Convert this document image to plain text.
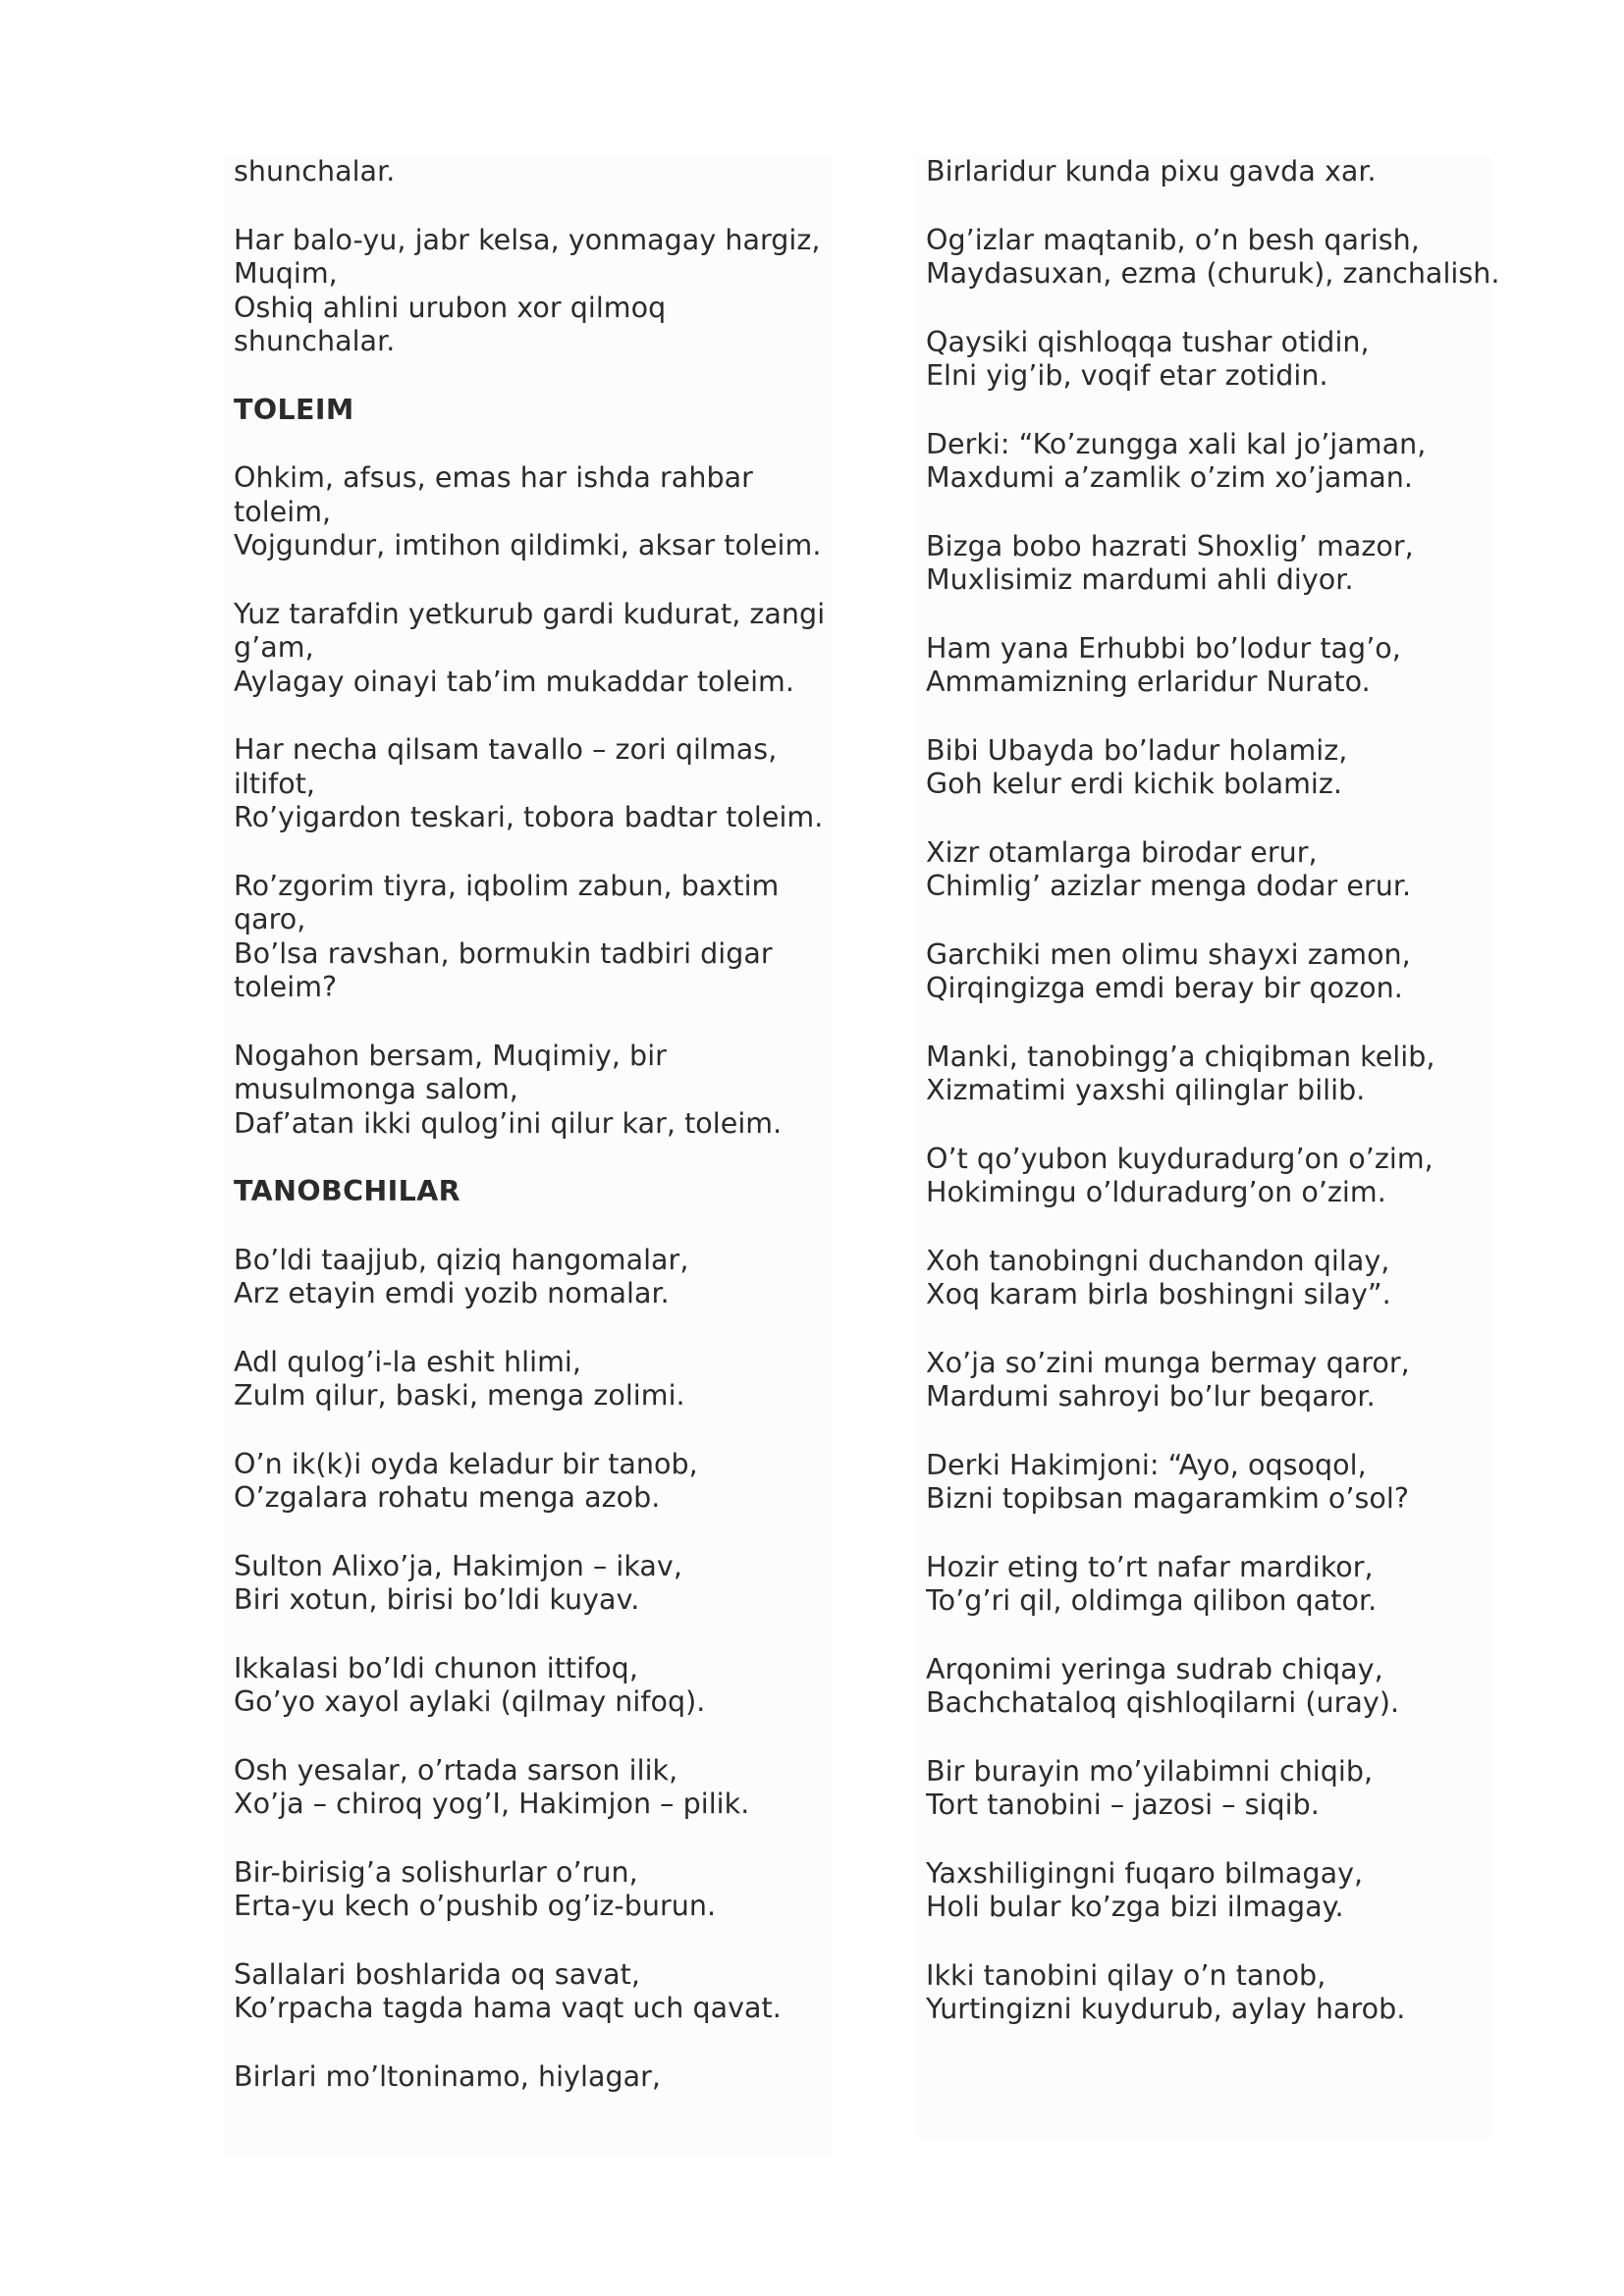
shunchalar.
Har balo-yu, jabr kelsa, yonmagay hargiz,
Muqim,
Oshiq ahlini urubon xor qilmoq
shunchalar.
TOLEIM
Ohkim, afsus, emas har ishda rahbar
toleim,
Vojgundur, imtihon qildimki, aksar toleim.
Yuz tarafdin yetkurub gardi kudurat, zangi
g’am,
Aylagay oinayi tab’im mukaddar toleim.
Har necha qilsam tavallo – zori qilmas,
iltifot,
Ro’yigardon teskari, tobora badtar toleim.
Ro’zgorim tiyra, iqbolim zabun, baxtim
qaro,
Bo’lsa ravshan, bormukin tadbiri digar
toleim?
Nogahon bersam, Muqimiy, bir
musulmonga salom,
Daf’atan ikki qulog’ini qilur kar, toleim.
TANOBCHILAR
Bo’ldi taajjub, qiziq hangomalar,
Arz etayin emdi yozib nomalar.
Adl qulog’i-la eshit hlimi,
Zulm qilur, baski, menga zolimi.
O’n ik(k)i oyda keladur bir tanob,
O’zgalara rohatu menga azob.
Sulton Alixo’ja, Hakimjon – ikav,
Biri xotun, birisi bo’ldi kuyav.
Ikkalasi bo’ldi chunon ittifoq,
Go’yo xayol aylaki (qilmay nifoq).
Osh yesalar, o’rtada sarson ilik,
Xo’ja – chiroq yog’I, Hakimjon – pilik.
Bir-birisig’a solishurlar o’run,
Erta-yu kech o’pushib og’iz-burun.
Sallalari boshlarida oq savat,
Ko’rpacha tagda hama vaqt uch qavat.
Birlari mo’ltoninamo, hiylagar,
Birlaridur kunda pixu gavda xar.
Og’izlar maqtanib, o’n besh qarish,
Maydasuxan, ezma (churuk), zanchalish.
Qaysiki qishloqqa tushar otidin,
Elni yig’ib, voqif etar zotidin.
Derki: “Ko’zungga xali kal jo’jaman,
Maxdumi a’zamlik o’zim xo’jaman.
Bizga bobo hazrati Shoxlig’ mazor,
Muxlisimiz mardumi ahli diyor.
Ham yana Erhubbi bo’lodur tag’o,
Ammamizning erlaridur Nurato.
Bibi Ubayda bo’ladur holamiz,
Goh kelur erdi kichik bolamiz.
Xizr otamlarga birodar erur,
Chimlig’ azizlar menga dodar erur.
Garchiki men olimu shayxi zamon,
Qirqingizga emdi beray bir qozon.
Manki, tanobingg’a chiqibman kelib,
Xizmatimi yaxshi qilinglar bilib.
O’t qo’yubon kuyduradurg’on o’zim,
Hokimingu o’lduradurg’on o’zim.
Xoh tanobingni duchandon qilay,
Xoq karam birla boshingni silay”.
Xo’ja so’zini munga bermay qaror,
Mardumi sahroyi bo’lur beqaror.
Derki Hakimjoni: “Ayo, oqsoqol,
Bizni topibsan magaramkim o’sol?
Hozir eting to’rt nafar mardikor,
To’g’ri qil, oldimga qilibon qator.
Arqonimi yeringa sudrab chiqay,
Bachchataloq qishloqilarni (uray).
Bir burayin mo’yilabimni chiqib,
Tort tanobini – jazosi – siqib.
Yaxshiligingni fuqaro bilmagay,
Holi bular ko’zga bizi ilmagay.
Ikki tanobini qilay o’n tanob,
Yurtingizni kuydurub, aylay harob.
